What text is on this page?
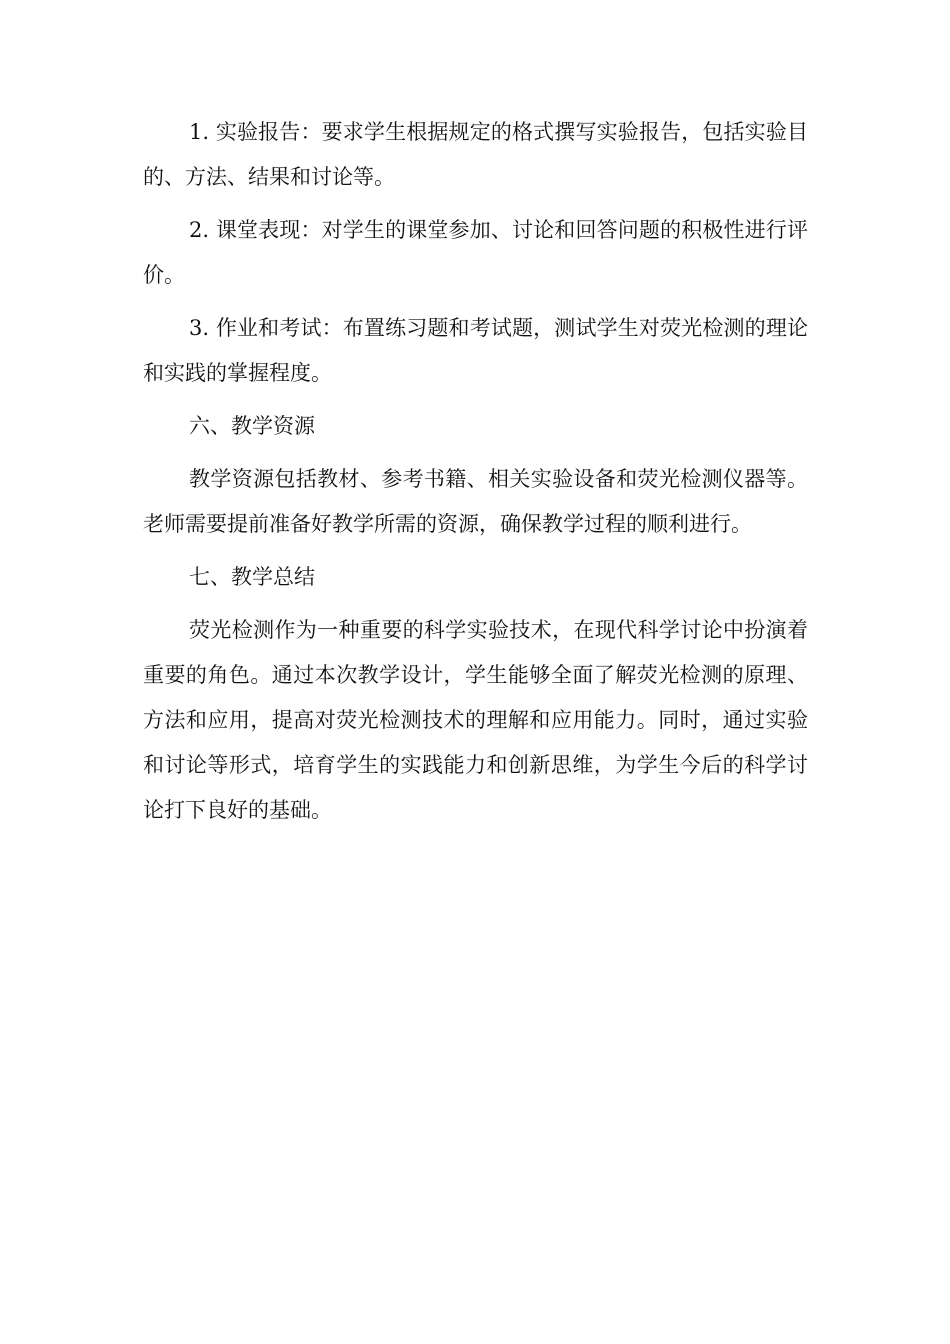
1. 实验报告：要求学生根据规定的格式撰写实验报告，包括实验目的、方法、结果和讨论等。

2. 课堂表现：对学生的课堂参加、讨论和回答问题的积极性进行评价。

3. 作业和考试：布置练习题和考试题，测试学生对荧光检测的理论和实践的掌握程度。

六、教学资源

教学资源包括教材、参考书籍、相关实验设备和荧光检测仪器等。老师需要提前准备好教学所需的资源，确保教学过程的顺利进行。

七、教学总结

荧光检测作为一种重要的科学实验技术，在现代科学讨论中扮演着重要的角色。通过本次教学设计，学生能够全面了解荧光检测的原理、方法和应用，提高对荧光检测技术的理解和应用能力。同时，通过实验和讨论等形式，培育学生的实践能力和创新思维，为学生今后的科学讨论打下良好的基础。
